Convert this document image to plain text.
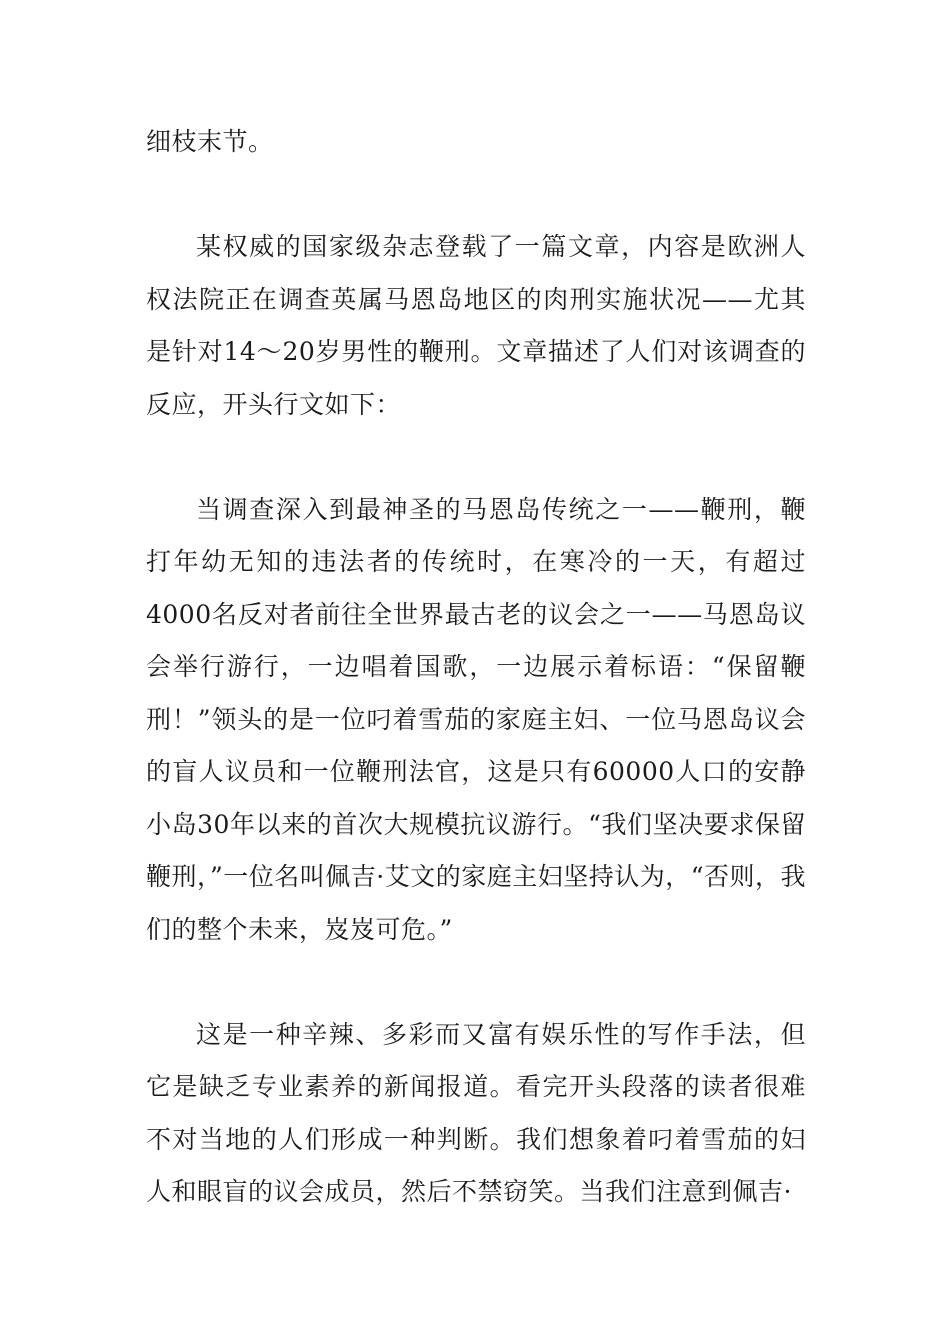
细枝末节。

某权威的国家级杂志登载了一篇文章，内容是欧洲人权法院正在调查英属马恩岛地区的肉刑实施状况——尤其是针对14～20岁男性的鞭刑。文章描述了人们对该调查的反应，开头行文如下：

当调查深入到最神圣的马恩岛传统之一——鞭刑，鞭打年幼无知的违法者的传统时，在寒冷的一天，有超过4000名反对者前往全世界最古老的议会之一——马恩岛议会举行游行，一边唱着国歌，一边展示着标语：“保留鞭刑！”领头的是一位叼着雪茄的家庭主妇、一位马恩岛议会的盲人议员和一位鞭刑法官，这是只有60000人口的安静小岛30年以来的首次大规模抗议游行。“我们坚决要求保留鞭刑，”一位名叫佩吉·艾文的家庭主妇坚持认为，“否则，我们的整个未来，岌岌可危。”

这是一种辛辣、多彩而又富有娱乐性的写作手法，但它是缺乏专业素养的新闻报道。看完开头段落的读者很难不对当地的人们形成一种判断。我们想象着叼着雪茄的妇人和眼盲的议会成员，然后不禁窃笑。当我们注意到佩吉·
